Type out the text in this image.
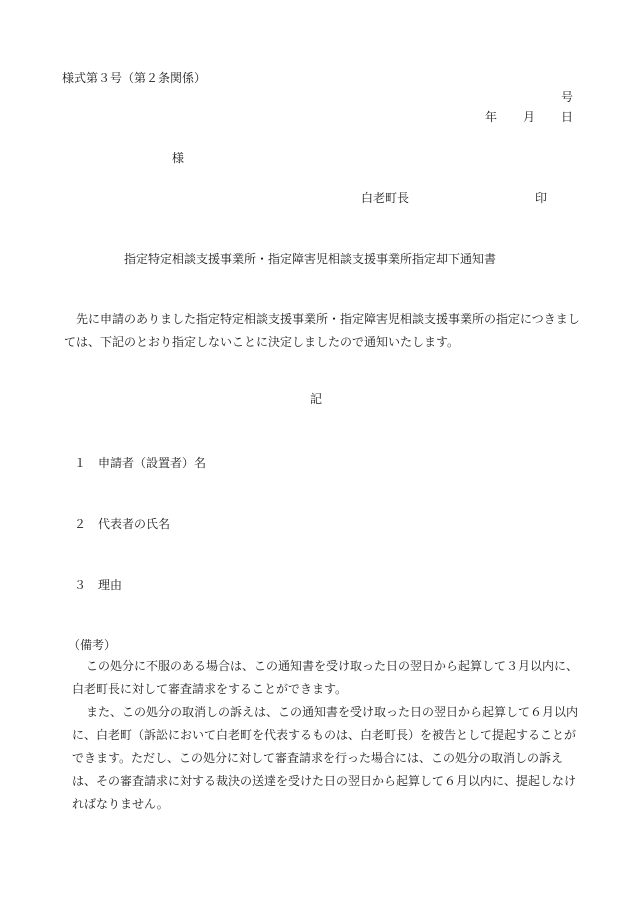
様式第３号（第２条関係）
号
年 月 日
様
白老町長	印
指定特定相談支援事業所・指定障害児相談支援事業所指定却下通知書
先に申請のありました指定特定相談支援事業所・指定障害児相談支援事業所の指定につきましては、下記のとおり指定しないことに決定しましたので通知いたします。
記
１ 申請者（設置者）名
２ 代表者の氏名
３ 理由
（備考）
この処分に不服のある場合は、この通知書を受け取った日の翌日から起算して３月以内に、白老町長に対して審査請求をすることができます。
また、この処分の取消しの訴えは、この通知書を受け取った日の翌日から起算して６月以内に、白老町（訴訟において白老町を代表するものは、白老町長）を被告として提起することができます。ただし、この処分に対して審査請求を行った場合には、この処分の取消しの訴えは、その審査請求に対する裁決の送達を受けた日の翌日から起算して６月以内に、提起しなければなりません。
